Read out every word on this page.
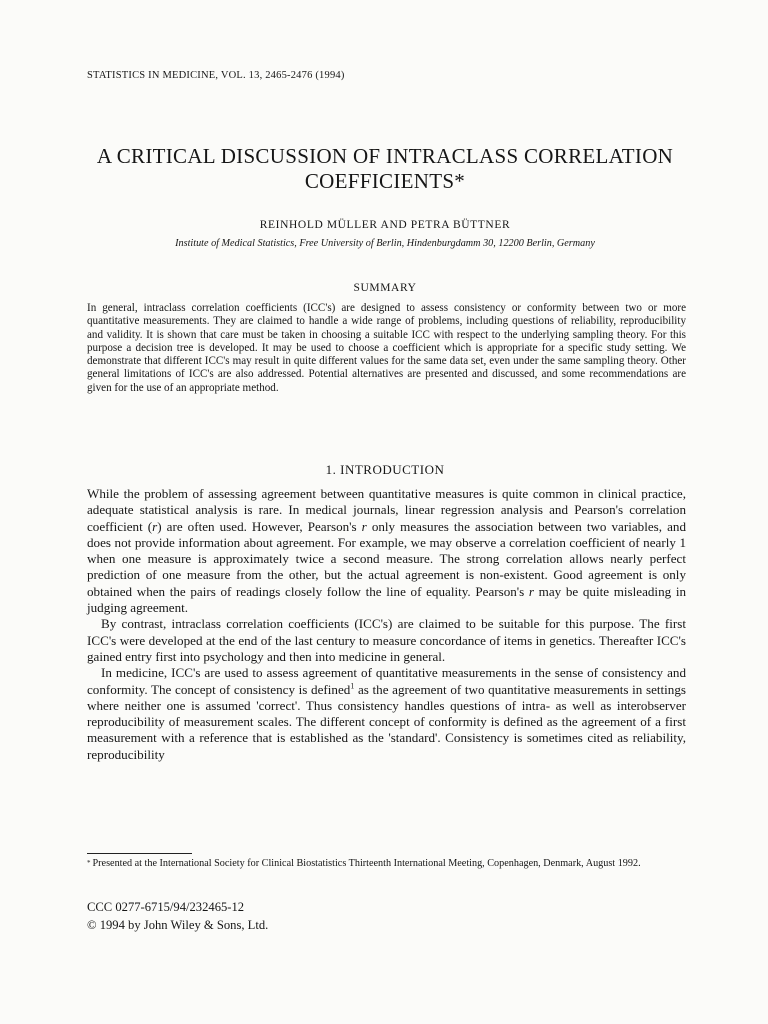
STATISTICS IN MEDICINE, VOL. 13, 2465-2476 (1994)
A CRITICAL DISCUSSION OF INTRACLASS CORRELATION
COEFFICIENTS*
REINHOLD MÜLLER AND PETRA BÜTTNER
Institute of Medical Statistics, Free University of Berlin, Hindenburgdamm 30, 12200 Berlin, Germany
SUMMARY
In general, intraclass correlation coefficients (ICC's) are designed to assess consistency or conformity between two or more quantitative measurements. They are claimed to handle a wide range of problems, including questions of reliability, reproducibility and validity. It is shown that care must be taken in choosing a suitable ICC with respect to the underlying sampling theory. For this purpose a decision tree is developed. It may be used to choose a coefficient which is appropriate for a specific study setting. We demonstrate that different ICC's may result in quite different values for the same data set, even under the same sampling theory. Other general limitations of ICC's are also addressed. Potential alternatives are presented and discussed, and some recommendations are given for the use of an appropriate method.
1. INTRODUCTION

While the problem of assessing agreement between quantitative measures is quite common in clinical practice, adequate statistical analysis is rare. In medical journals, linear regression analysis and Pearson's correlation coefficient (r) are often used. However, Pearson's r only measures the association between two variables, and does not provide information about agreement. For example, we may observe a correlation coefficient of nearly 1 when one measure is approximately twice a second measure. The strong correlation allows nearly perfect prediction of one measure from the other, but the actual agreement is non-existent. Good agreement is only obtained when the pairs of readings closely follow the line of equality. Pearson's r may be quite misleading in judging agreement.

By contrast, intraclass correlation coefficients (ICC's) are claimed to be suitable for this purpose. The first ICC's were developed at the end of the last century to measure concordance of items in genetics. Thereafter ICC's gained entry first into psychology and then into medicine in general.

In medicine, ICC's are used to assess agreement of quantitative measurements in the sense of consistency and conformity. The concept of consistency is defined$^1$ as the agreement of two quantitative measurements in settings where neither one is assumed 'correct'. Thus consistency handles questions of intra- as well as interobserver reproducibility of measurement scales. The different concept of conformity is defined as the agreement of a first measurement with a reference that is established as the 'standard'. Consistency is sometimes cited as reliability, reproducibility

* Presented at the International Society for Clinical Biostatistics Thirteenth International Meeting, Copenhagen, Denmark, August 1992.
CCC 0277-6715/94/232465-12
© 1994 by John Wiley & Sons, Ltd.
